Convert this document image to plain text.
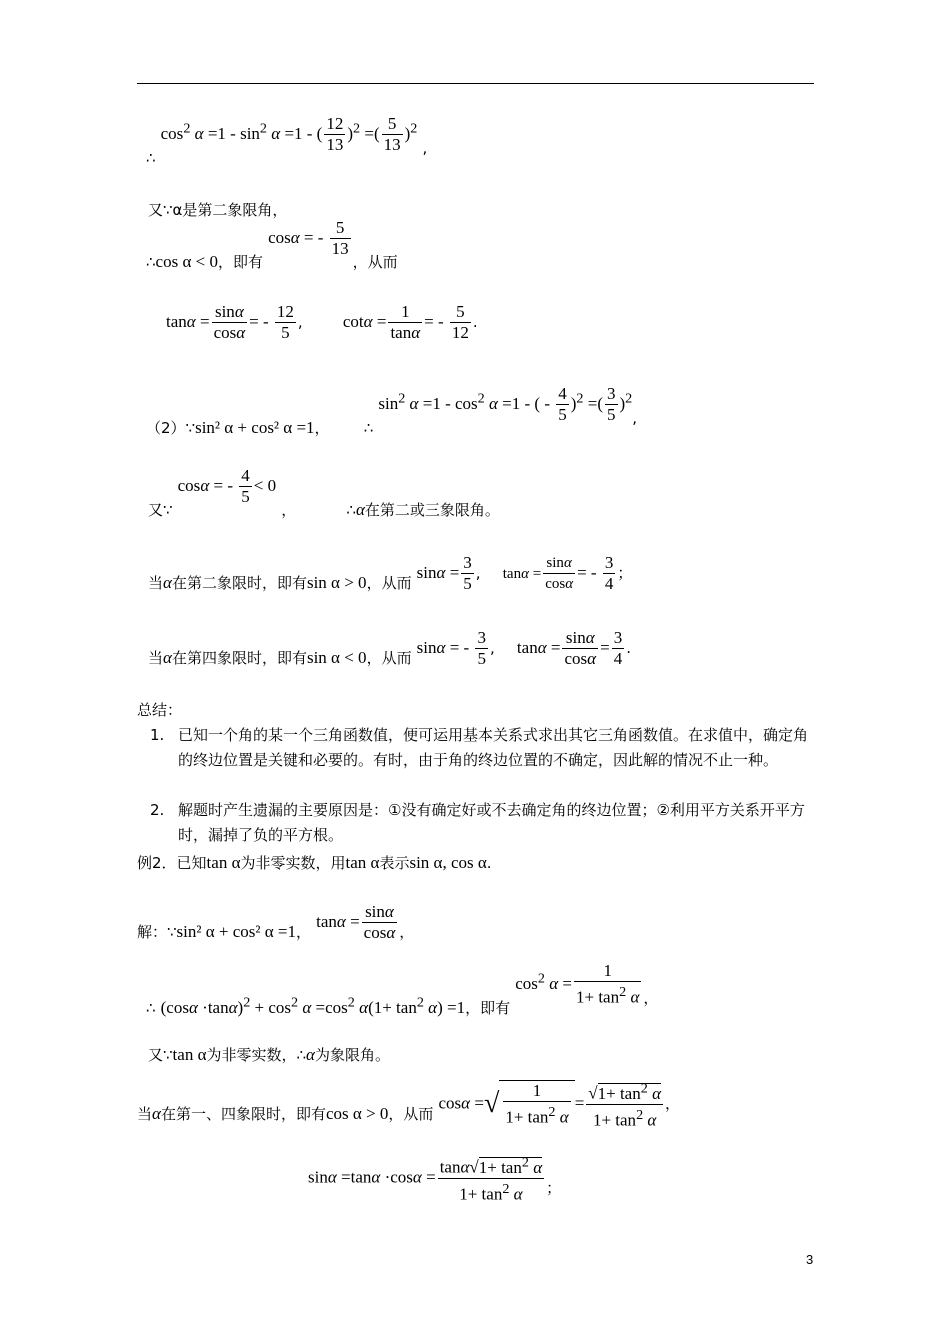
∴ $\cos^2 \alpha =1 - \sin^2 \alpha =1$ - ( $\frac{12}{13} )^2$ =( $\frac{5}{13} )^2$ ,
又∵α是第二象限角，
∴cos α < 0，即有 cosα = - $\frac{5}{13}$
，从而
$\tan\alpha = \frac{\sin\alpha}{\cos\alpha}$ = - $\frac{12}{5}$ , $\cot\alpha = \frac{1}{\tan\alpha}$ = - $\frac{5}{12}$ .
（2）∵sin² α + cos² α =1， ∴ $\sin^2 \alpha =1 - \cos^2 \alpha =1$ - ( - $\frac{4}{5} )^2$ =( $\frac{3}{5} )^2$,
又∵ cosα = - $\frac{4}{5} < 0$ ，	∴α在第二或三象限角。
当α在第二象限时，即有sin α > 0，从而 $\sin\alpha = \frac{3}{5}$ , $\tan\alpha = \frac{\sin\alpha}{\cos\alpha}$ = - $\frac{3}{4}$ ；
当α在第四象限时，即有sin α < 0，从而 sinα = - $\frac{3}{5}$ , $\tan\alpha = \frac{\sin\alpha}{\cos\alpha} = \frac{3}{4}$ .
总结：
1. 已知一个角的某一个三角函数值，便可运用基本关系式求出其它三角函数值。在求值中，确定角的终边位置是关键和必要的。有时，由于角的终边位置的不确定，因此解的情况不止一种。
2. 解题时产生遗漏的主要原因是：①没有确定好或不去确定角的终边位置；②利用平方关系开平方时，漏掉了负的平方根。
例2．已知tan α为非零实数，用tan α表示sin α, cos α.
解：∵sin² α + cos² α =1， $\tan\alpha = \frac{\sin\alpha}{\cos\alpha}$ ，
∴ $(\cos\alpha \cdot\tan\alpha)^2 + \cos^2 \alpha =\cos^2$ $\alpha(1+ \tan^2 \alpha) =1$，即有 $\cos^2 \alpha = \frac{1}{1+ \tan^2 \alpha}$ ，
又∵tan α为非零实数，∴α为象限角。
当α在第一、四象限时，即有cos α > 0，从而 cosα =√ $\frac{1}{1+ \tan^2 \alpha} = \frac{√1+ \tan^2 \alpha}{1+ \tan^2 \alpha}$ ，
$\sin\alpha =\tan\alpha \cdot\cos\alpha = \frac{\tan\alpha√1+ \tan^2 \alpha}{1+ \tan^2 \alpha}$ ；
3
